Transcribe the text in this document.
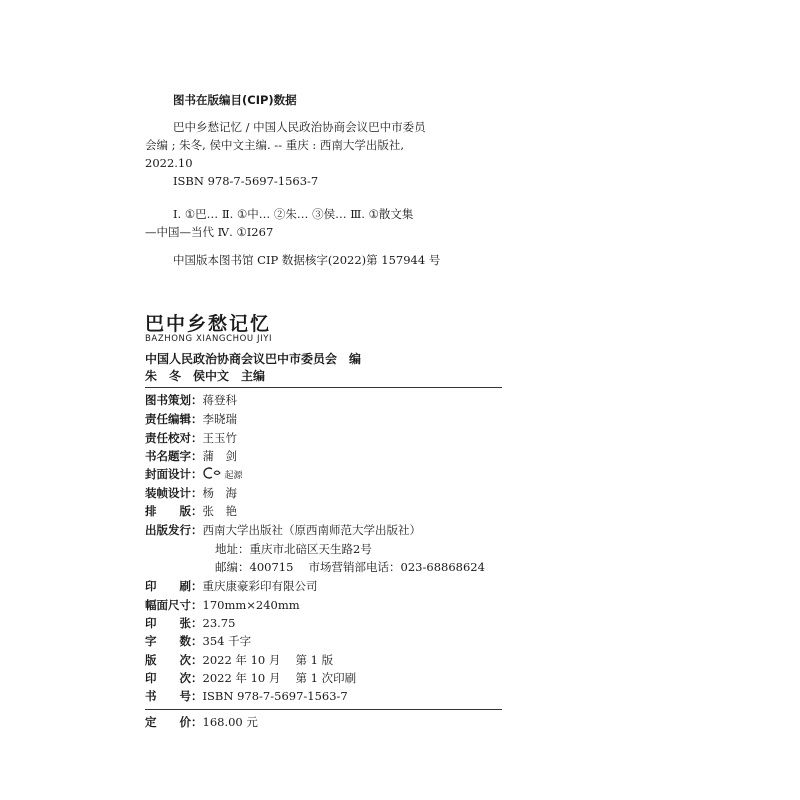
图书在版编目(CIP)数据
巴中乡愁记忆 / 中国人民政治协商会议巴中市委员
会编 ; 朱冬, 侯中文主编. -- 重庆 : 西南大学出版社,
2022.10
ISBN 978-7-5697-1563-7
Ⅰ. ①巴… Ⅱ. ①中… ②朱… ③侯… Ⅲ. ①散文集
—中国—当代 Ⅳ. ①I267
中国版本图书馆 CIP 数据核字(2022)第 157944 号
巴中乡愁记忆
BAZHONG XIANGCHOU JIYI
中国人民政治协商会议巴中市委员会　编
朱　冬　侯中文　主编
图书策划：蒋登科
责任编辑：李晓瑞
责任校对：王玉竹
书名题字：蒲　剑
封面设计： 起源
装帧设计：杨　海
排　　版：张　艳
出版发行：西南大学出版社（原西南师范大学出版社）
地址：重庆市北碚区天生路2号
邮编：400715　 市场营销部电话：023-68868624
印　　刷：重庆康豪彩印有限公司
幅面尺寸：170mm×240mm
印　　张：23.75
字　　数：354 千字
版　　次：2022 年 10 月　 第 1 版
印　　次：2022 年 10 月　 第 1 次印刷
书　　号：ISBN 978-7-5697-1563-7
定　　价：168.00 元
